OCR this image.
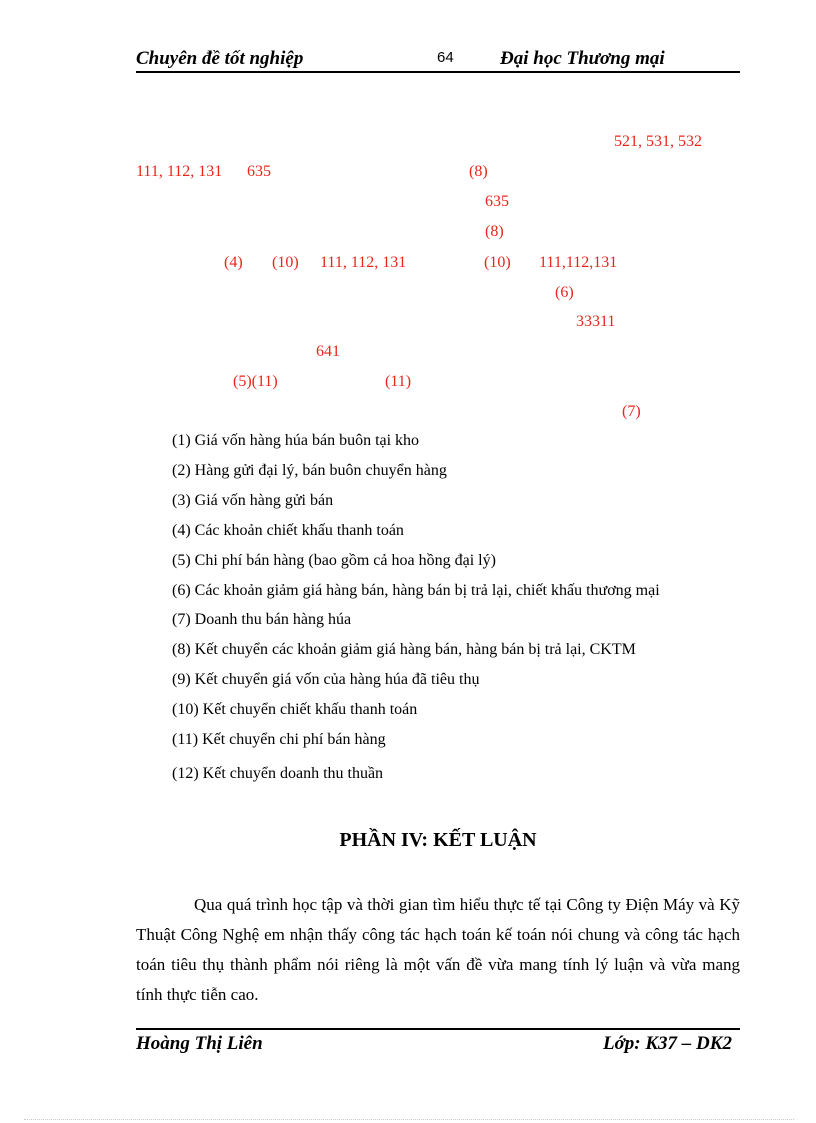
Chuyên đề tốt nghiệp	64 Đại học Thương mại
521, 531, 532
111, 112, 131 635	(8)
635
(8)
(4) (10) 111, 112, 131	(10) 111,112,131
(6)
33311
641
(5)(11)	(11)
(7)
(1) Giá vốn hàng húa bán buôn tại kho
(2) Hàng gửi đại lý, bán buôn chuyển hàng
(3) Giá vốn hàng gửi bán
(4) Các khoản chiết khấu thanh toán
(5) Chi phí bán hàng (bao gồm cả hoa hồng đại lý)
(6) Các khoản giảm giá hàng bán, hàng bán bị trả lại, chiết khấu thương mại
(7) Doanh thu bán hàng húa
(8) Kết chuyển các khoản giảm giá hàng bán, hàng bán bị trả lại, CKTM
(9) Kết chuyển giá vốn của hàng húa đã tiêu thụ
(10) Kết chuyển chiết khấu thanh toán
(11) Kết chuyển chi phí bán hàng
(12) Kết chuyển doanh thu thuần
PHẦN IV: KẾT LUẬN
Qua quá trình học tập và thời gian tìm hiểu thực tế tại Công ty Điện Máy và Kỹ Thuật Công Nghệ em nhận thấy công tác hạch toán kế toán nói chung và công tác hạch toán tiêu thụ thành phẩm nói riêng là một vấn đề vừa mang tính lý luận và vừa mang tính thực tiễn cao.
Hoàng Thị Liên	Lớp: K37 – DK2
